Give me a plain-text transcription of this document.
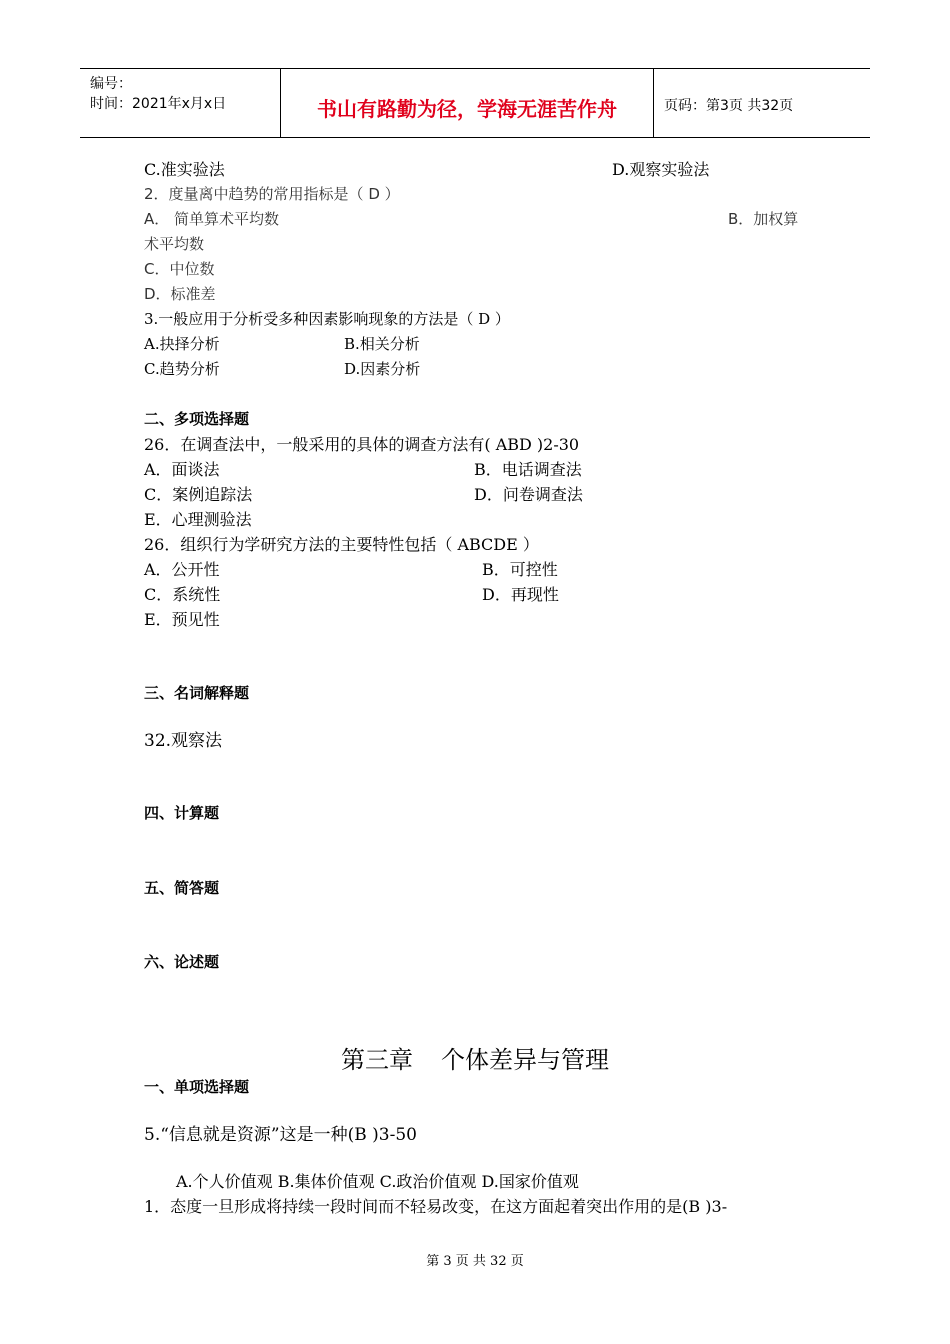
编号：
时间：2021年x月x日	书山有路勤为径，学海无涯苦作舟	页码：第3页 共32页
C.准实验法	D.观察实验法
2．度量离中趋势的常用指标是（ D ）
A． 简单算术平均数	B．加权算
术平均数
C．中位数
D．标准差
3.一般应用于分析受多种因素影响现象的方法是（ D ）
A.抉择分析	B.相关分析
C.趋势分析	D.因素分析
二、多项选择题
26．在调查法中，一般采用的具体的调查方法有( ABD )2-30
A．面谈法	B．电话调查法
C．案例追踪法	D．问卷调查法
E．心理测验法
26．组织行为学研究方法的主要特性包括（ ABCDE ）
A．公开性	B．可控性
C．系统性	D．再现性
E．预见性
三、名词解释题
32.观察法
四、计算题
五、简答题
六、论述题
第三章 个体差异与管理
一、单项选择题
5.“信息就是资源”这是一种(B )3-50
A.个人价值观 B.集体价值观 C.政治价值观 D.国家价值观
1．态度一旦形成将持续一段时间而不轻易改变，在这方面起着突出作用的是(B )3-
第 3 页 共 32 页
